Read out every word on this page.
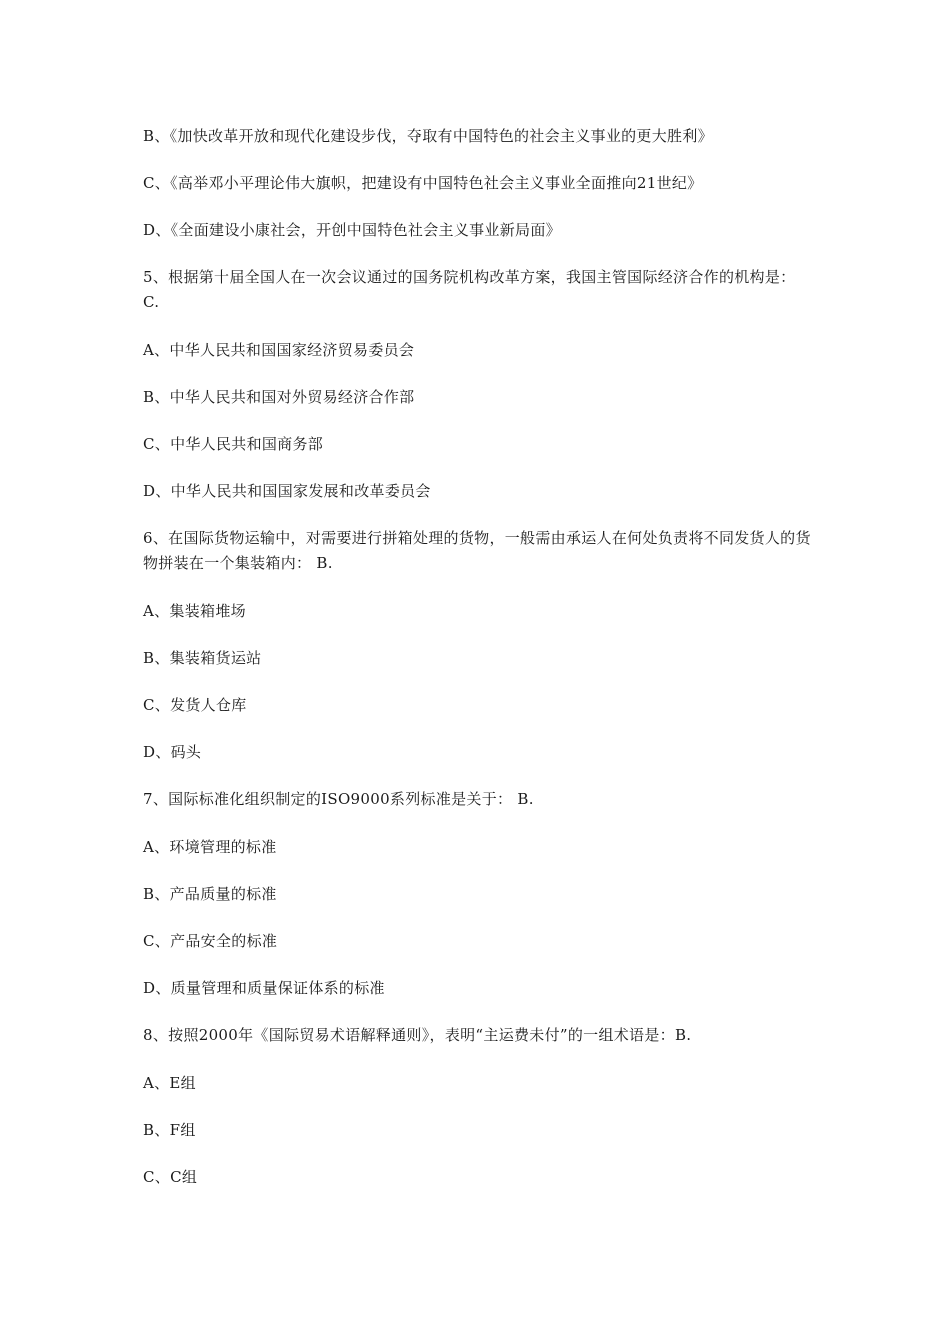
B、《加快改革开放和现代化建设步伐，夺取有中国特色的社会主义事业的更大胜利》

C、《高举邓小平理论伟大旗帜，把建设有中国特色社会主义事业全面推向21世纪》

D、《全面建设小康社会，开创中国特色社会主义事业新局面》

5、根据第十届全国人在一次会议通过的国务院机构改革方案，我国主管国际经济合作的机构是： C.

A、中华人民共和国国家经济贸易委员会

B、中华人民共和国对外贸易经济合作部

C、中华人民共和国商务部

D、中华人民共和国国家发展和改革委员会

6、在国际货物运输中，对需要进行拼箱处理的货物，一般需由承运人在何处负责将不同发货人的货物拼装在一个集装箱内： B.

A、集装箱堆场

B、集装箱货运站

C、发货人仓库

D、码头

7、国际标准化组织制定的ISO9000系列标准是关于： B.

A、环境管理的标准

B、产品质量的标准

C、产品安全的标准

D、质量管理和质量保证体系的标准

8、按照2000年《国际贸易术语解释通则》，表明“主运费未付”的一组术语是：B.

A、E组

B、F组

C、C组
